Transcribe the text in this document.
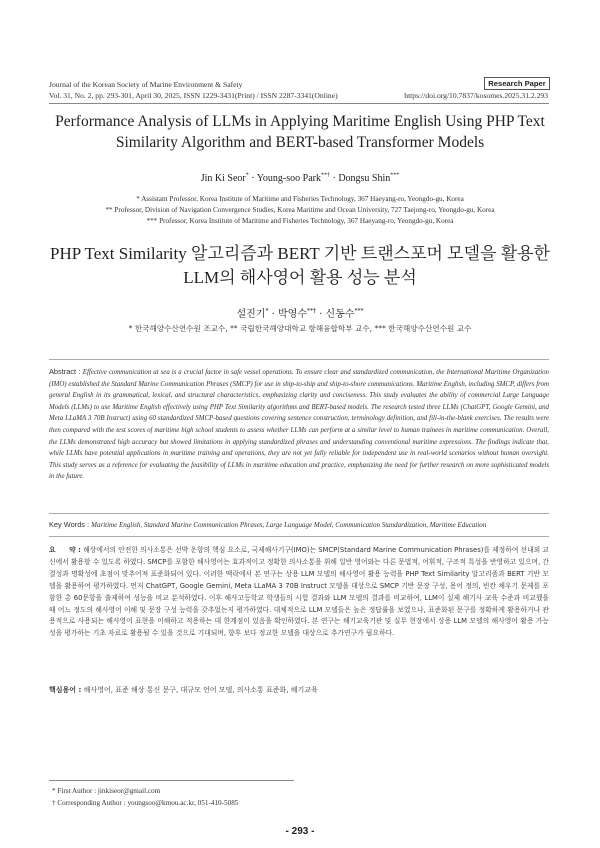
Journal of the Korean Society of Marine Environment & Safety
Vol. 31, No. 2, pp. 293-301, April 30, 2025, ISSN 1229-3431(Print) / ISSN 2287-3341(Online)
Research Paper
https://doi.org/10.7837/kosomes.2025.31.2.293
Performance Analysis of LLMs in Applying Maritime English Using PHP Text Similarity Algorithm and BERT-based Transformer Models
Jin Ki Seor* · Young-soo Park**† · Dongsu Shin***
* Assistant Professor, Korea Institute of Maritime and Fisheries Technology, 367 Haeyang-ro, Yeongdo-gu, Korea
** Professor, Division of Navigation Convergence Studies, Korea Maritime and Ocean University, 727 Taejong-ro, Yeongdo-gu, Korea
*** Professor, Korea Institute of Maritime and Fisheries Technology, 367 Haeyang-ro, Yeongdo-gu, Korea
PHP Text Similarity 알고리즘과 BERT 기반 트랜스포머 모델을 활용한 LLM의 해사영어 활용 성능 분석
설진기* · 박영수**† · 신동수***
* 한국해양수산연수원 조교수, ** 국립한국해양대학교 항해융합학부 교수, *** 한국해양수산연수원 교수
Abstract : Effective communication at sea is a crucial factor in safe vessel operations. To ensure clear and standardized communication, the International Maritime Organization (IMO) established the Standard Marine Communication Phrases (SMCP) for use in ship-to-ship and ship-to-shore communications. Maritime English, including SMCP, differs from general English in its grammatical, lexical, and structural characteristics, emphasizing clarity and conciseness. This study evaluates the ability of commercial Large Language Models (LLMs) to use Maritime English effectively using PHP Text Similarity algorithms and BERT-based models. The research tested three LLMs (ChatGPT, Google Gemini, and Meta LLaMA 3 70B Instruct) using 60 standardized SMCP-based questions covering sentence construction, terminology definition, and fill-in-the-blank exercises. The results were then compared with the test scores of maritime high school students to assess whether LLMs can perform at a similar level to human trainees in maritime communication. Overall, the LLMs demonstrated high accuracy but showed limitations in applying standardized phrases and understanding conventional maritime expressions. The findings indicate that, while LLMs have potential applications in maritime training and operations, they are not yet fully reliable for independent use in real-world scenarios without human oversight. This study serves as a reference for evaluating the feasibility of LLMs in maritime education and practice, emphasizing the need for further research on more sophisticated models in the future.
Key Words : Maritime English, Standard Marine Communication Phrases, Large Language Model, Communication Standardization, Maritime Education
요　　약 : 해상에서의 안전한 의사소통은 선박 운항의 핵심 요소로, 국제해사기구(IMO)는 SMCP(Standard Marine Communication Phrases)를 제정하여 선내외 교신에서 활용할 수 있도록 하였다. SMCP를 포함한 해사영어는 효과적이고 정확한 의사소통을 위해 일반 영어와는 다른 문법적, 어휘적, 구조적 특성을 반영하고 있으며, 간결성과 명확성에 초점이 맞추어져 표준화되어 있다. 이러한 맥락에서 본 연구는 상용 LLM 모델의 해사영어 활용 능력을 PHP Text Similarity 알고리즘과 BERT 기반 모델을 활용하여 평가하였다. 먼저 ChatGPT, Google Gemini, Meta LLaMA 3 70B Instruct 모델을 대상으로 SMCP 기반 문장 구성, 용어 정의, 빈칸 채우기 문제를 포함한 총 60문항을 출제하여 성능을 비교 분석하였다. 이후 해사고등학교 학생들의 시험 결과와 LLM 모델의 결과를 비교하여, LLM이 실제 해기사 교육 수준과 비교했을 때 어느 정도의 해사영어 이해 및 문장 구성 능력을 갖추었는지 평가하였다. 대체적으로 LLM 모델들은 높은 정답률을 보였으나, 표준화된 문구를 정확하게 활용하거나 관용적으로 사용되는 해사영어 표현을 이해하고 적용하는 데 한계점이 있음을 확인하였다. 본 연구는 해기교육기관 및 실무 현장에서 상용 LLM 모델의 해사영어 활용 가능성을 평가하는 기초 자료로 활용될 수 있을 것으로 기대되며, 향후 보다 정교한 모델을 대상으로 추가연구가 필요하다.
핵심용어 : 해사영어, 표준 해상 통신 문구, 대규모 언어 모델, 의사소통 표준화, 해기교육
* First Author : jinkiseor@gmail.com
† Corresponding Author : youngsoo@kmou.ac.kr, 051-410-5085
- 293 -
